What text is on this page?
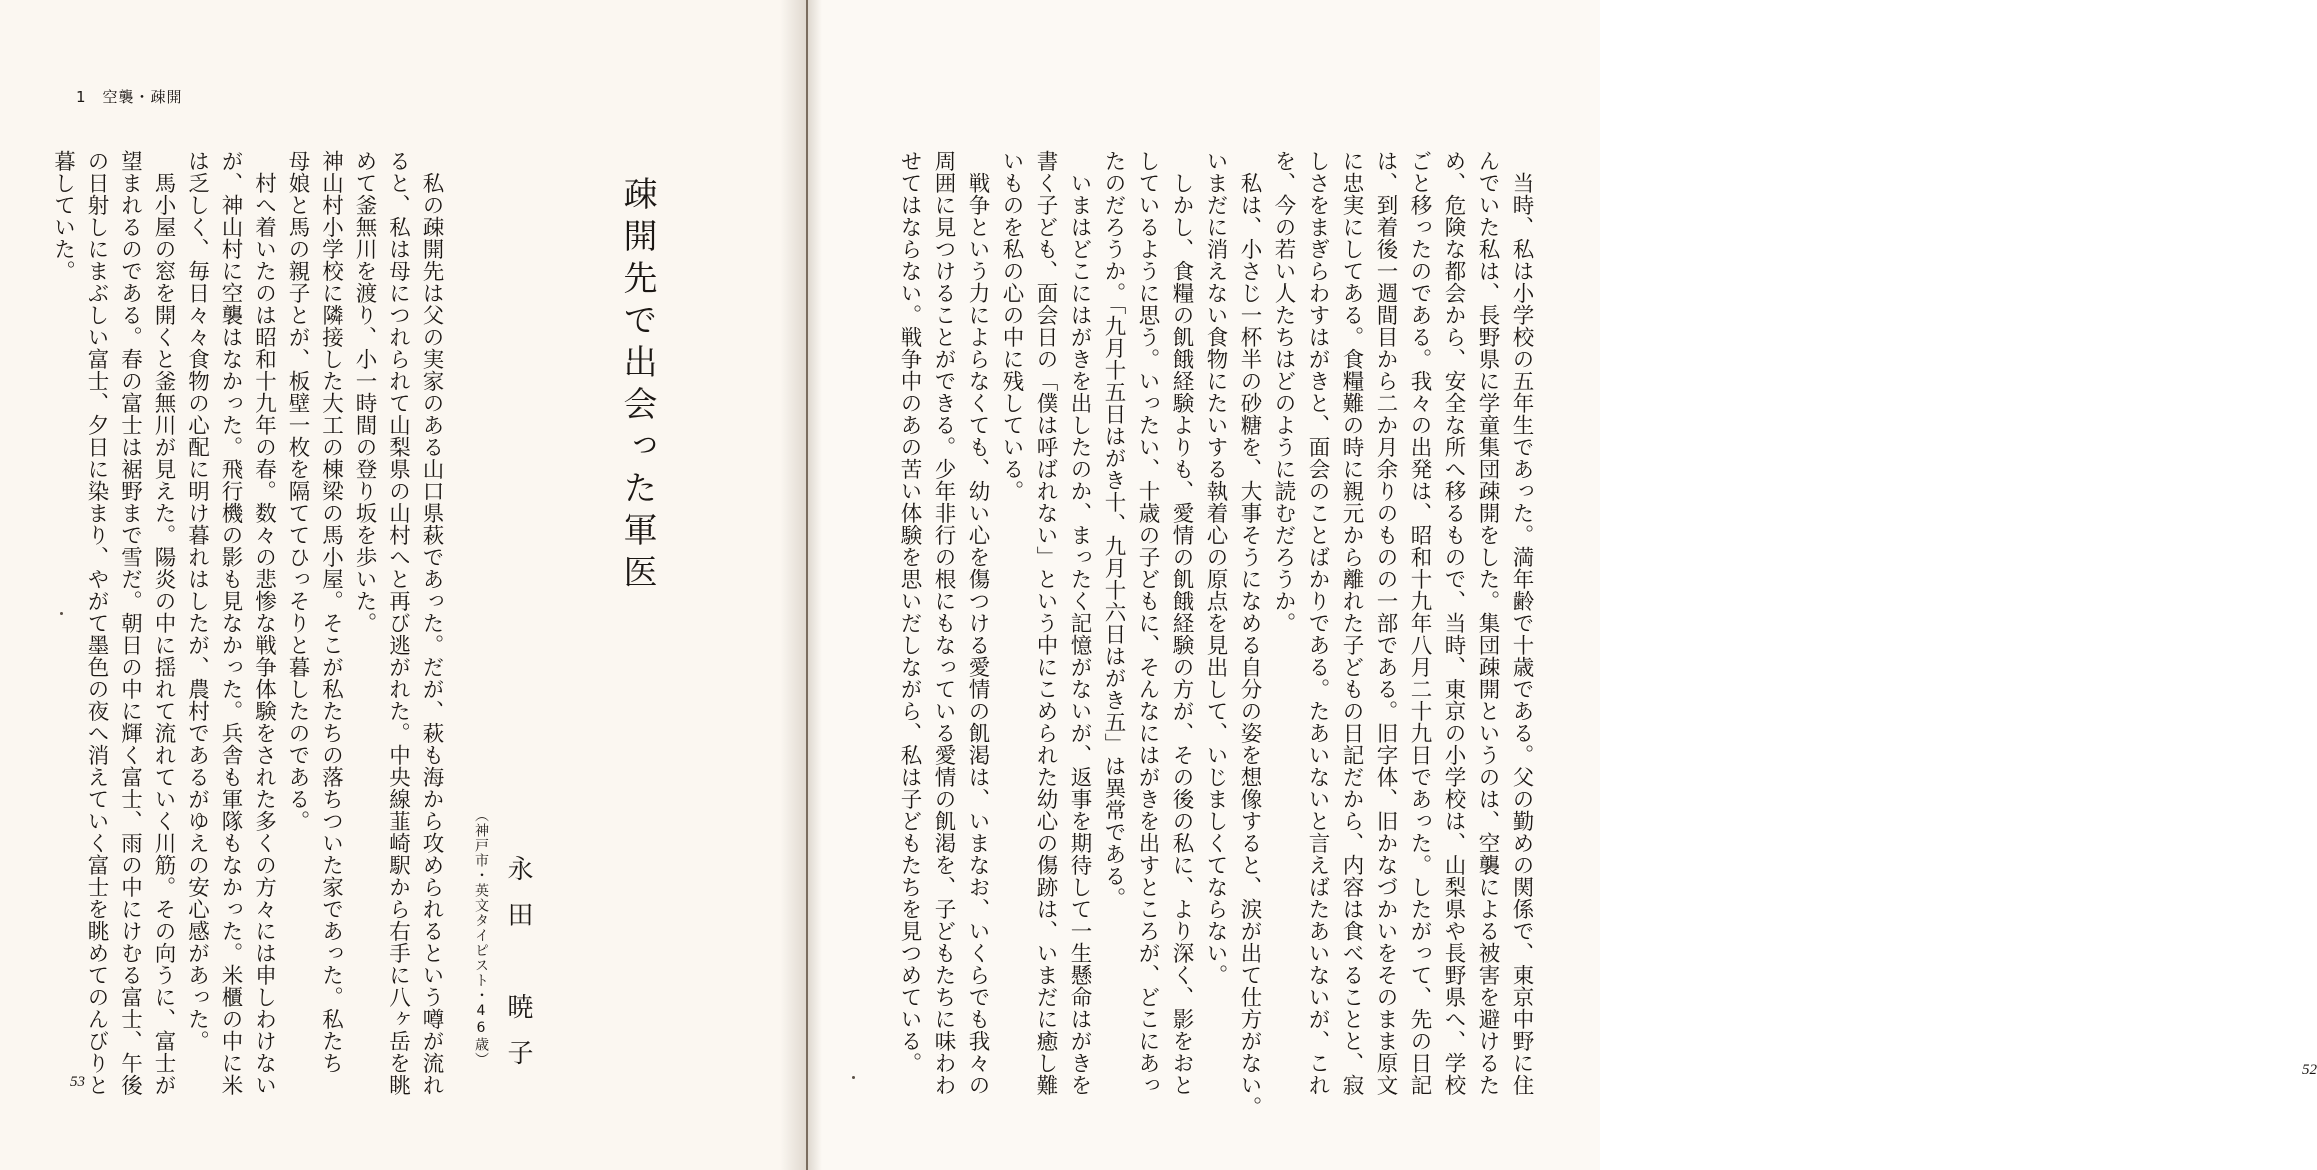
1　空襲・疎開
疎開先で出会った軍医
永田　暁子
（神戸市・英文タイピスト・46歳）
　私の疎開先は父の実家のある山口県萩であった。だが、萩も海から攻められるという噂が流れ
ると、私は母につれられて山梨県の山村へと再び逃がれた。中央線韮崎駅から右手に八ヶ岳を眺
めて釜無川を渡り、小一時間の登り坂を歩いた。
神山村小学校に隣接した大工の棟梁の馬小屋。そこが私たちの落ちついた家であった。私たち
母娘と馬の親子とが、板壁一枚を隔ててひっそりと暮したのである。
　村へ着いたのは昭和十九年の春。数々の悲惨な戦争体験をされた多くの方々には申しわけない
が、神山村に空襲はなかった。飛行機の影も見なかった。兵舎も軍隊もなかった。米櫃の中に米
は乏しく、毎日々々食物の心配に明け暮れはしたが、農村であるがゆえの安心感があった。
　馬小屋の窓を開くと釜無川が見えた。陽炎の中に揺れて流れていく川筋。その向うに、富士が
望まれるのである。春の富士は裾野まで雪だ。朝日の中に輝く富士、雨の中にけむる富士、午後
の日射しにまぶしい富士、夕日に染まり、やがて墨色の夜へ消えていく富士を眺めてのんびりと
暮していた。
53
52
　当時、私は小学校の五年生であった。満年齢で十歳である。父の勤めの関係で、東京中野に住
んでいた私は、長野県に学童集団疎開をした。集団疎開というのは、空襲による被害を避けるた
め、危険な都会から、安全な所へ移るもので、当時、東京の小学校は、山梨県や長野県へ、学校
ごと移ったのである。我々の出発は、昭和十九年八月二十九日であった。したがって、先の日記
は、到着後一週間目から二か月余りのものの一部である。旧字体、旧かなづかいをそのまま原文
に忠実にしてある。食糧難の時に親元から離れた子どもの日記だから、内容は食べることと、寂
しさをまぎらわすはがきと、面会のことばかりである。たあいないと言えばたあいないが、これ
を、今の若い人たちはどのように読むだろうか。
　私は、小さじ一杯半の砂糖を、大事そうになめる自分の姿を想像すると、涙が出て仕方がない。
いまだに消えない食物にたいする執着心の原点を見出して、いじましくてならない。
　しかし、食糧の飢餓経験よりも、愛情の飢餓経験の方が、その後の私に、より深く、影をおと
しているように思う。いったい、十歳の子どもに、そんなにはがきを出すところが、どこにあっ
たのだろうか。「九月十五日はがき十、九月十六日はがき五」は異常である。
　いまはどこにはがきを出したのか、まったく記憶がないが、返事を期待して一生懸命はがきを
書く子ども、面会日の「僕は呼ばれない」という中にこめられた幼心の傷跡は、いまだに癒し難
いものを私の心の中に残している。
　戦争という力によらなくても、幼い心を傷つける愛情の飢渇は、いまなお、いくらでも我々の
周囲に見つけることができる。少年非行の根にもなっている愛情の飢渇を、子どもたちに味わわ
せてはならない。戦争中のあの苦い体験を思いだしながら、私は子どもたちを見つめている。
